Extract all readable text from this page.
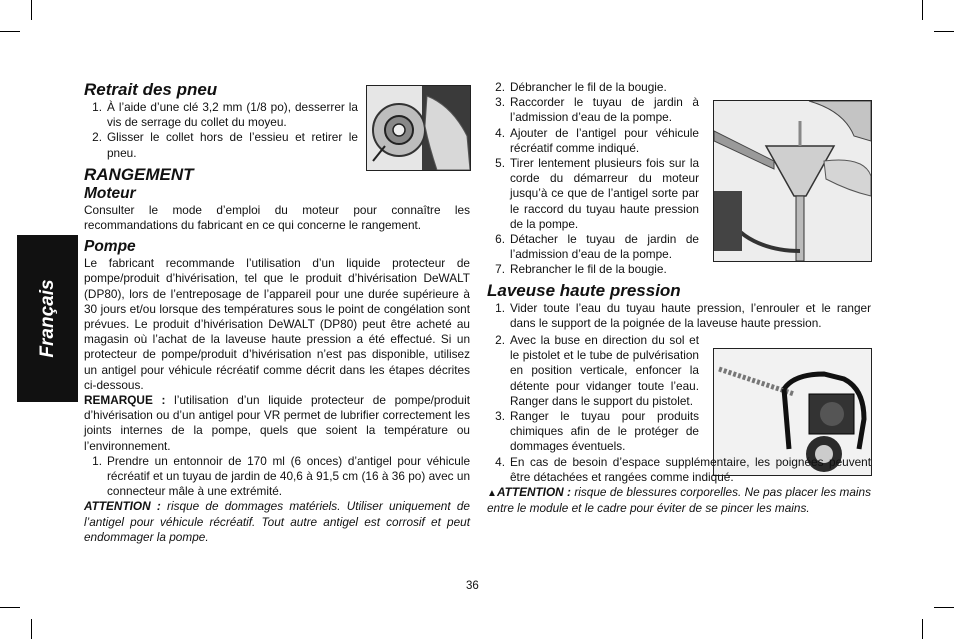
Français
Retrait des pneu
1. À l’aide d’une clé 3,2 mm (1/8 po), desserrer la vis de serrage du collet du moyeu.
2. Glisser le collet hors de l’essieu et retirer le pneu.
RANGEMENT
Moteur

Consulter le mode d’emploi du moteur pour connaître les recommandations du fabricant en ce qui concerne le rangement.

Pompe

Le fabricant recommande l’utilisation d’un liquide protecteur de pompe/produit d’hivérisation, tel que le produit d’hivérisation DeWALT (DP80), lors de l’entreposage de l’appareil pour une durée supérieure à 30 jours et/ou lorsque des températures sous le point de congélation sont prévues. Le produit d’hivérisation DeWALT (DP80) peut être acheté au magasin où l’achat de la laveuse haute pression a été effectué. Si un protecteur de pompe/produit d’hivérisation n’est pas disponible, utilisez un antigel pour véhicule récréatif comme décrit dans les étapes décrites ci-dessous.

REMARQUE : l’utilisation d’un liquide protecteur de pompe/produit d’hivérisation ou d’un antigel pour VR permet de lubrifier correctement les joints internes de la pompe, quels que soient la température ou l’environnement.

1. Prendre un entonnoir de 170 ml (6 onces) d’antigel pour véhicule récréatif et un tuyau de jardin de 40,6 à 91,5 cm (16 à 36 po) avec un connecteur mâle à une extrémité.

ATTENTION : risque de dommages matériels. Utiliser uniquement de l’antigel pour véhicule récréatif. Tout autre antigel est corrosif et peut endommager la pompe.

2. Débrancher le fil de la bougie.
3. Raccorder le tuyau de jardin à l’admission d’eau de la pompe.
4. Ajouter de l’antigel pour véhicule récréatif comme indiqué.
5. Tirer lentement plusieurs fois sur la corde du démarreur du moteur jusqu’à ce que de l’antigel sorte par le raccord du tuyau haute pression de la pompe.
6. Détacher le tuyau de jardin de l’admission d’eau de la pompe.
7. Rebrancher le fil de la bougie.
Laveuse haute pression
1. Vider toute l’eau du tuyau haute pression, l’enrouler et le ranger dans le support de la poignée de la laveuse haute pression.
2. Avec la buse en direction du sol et le pistolet et le tube de pulvérisation en position verticale, enfoncer la détente pour vidanger toute l’eau. Ranger dans le support du pistolet.
3. Ranger le tuyau pour produits chimiques afin de le protéger de dommages éventuels.
4. En cas de besoin d’espace supplémentaire, les poignées peuvent être détachées et rangées comme indiqué.

▲ATTENTION : risque de blessures corporelles. Ne pas placer les mains entre le module et le cadre pour éviter de se pincer les mains.

36
